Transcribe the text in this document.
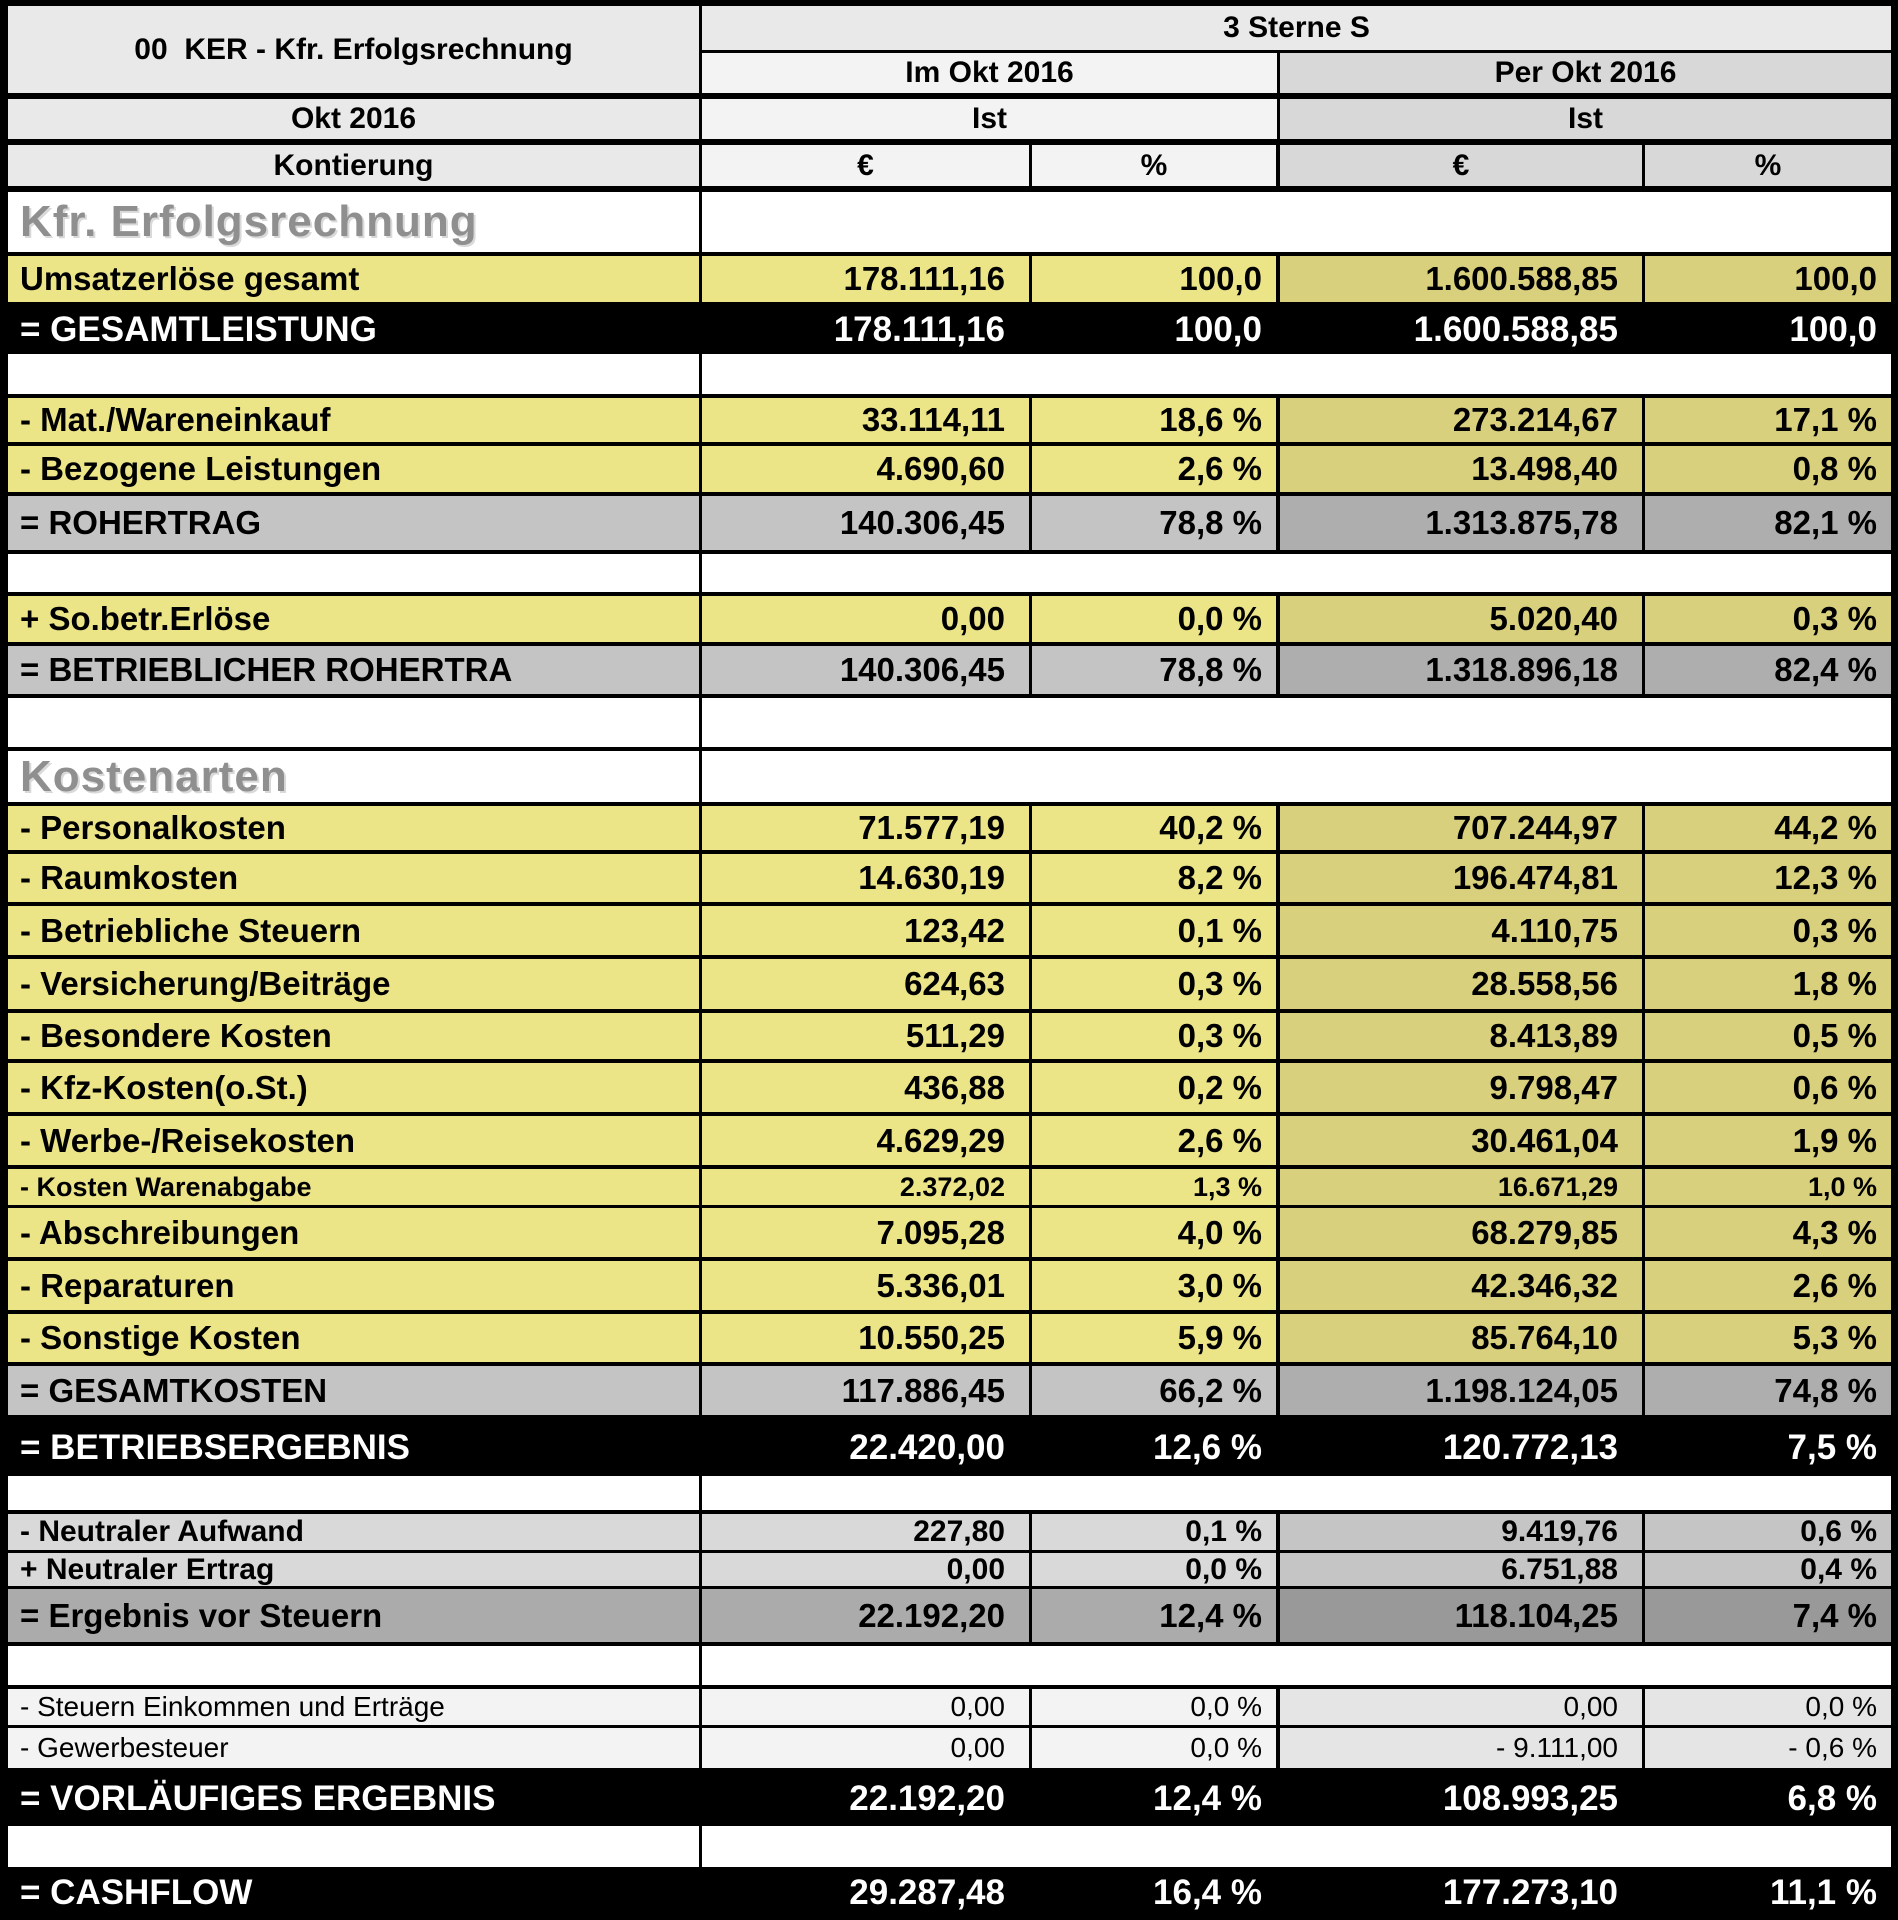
00  KER - Kfr. Erfolgsrechnung
3 Sterne S
Im Okt 2016	Per Okt 2016
Okt 2016	Ist	Ist
Kontierung	€	%	€	%
Kfr. Erfolgsrechnung
Umsatzerlöse gesamt	178.111,16	100,0	1.600.588,85	100,0
= GESAMTLEISTUNG	178.111,16	100,0	1.600.588,85	100,0
- Mat./Wareneinkauf	33.114,11	18,6 %	273.214,67	17,1 %
- Bezogene Leistungen	4.690,60	2,6 %	13.498,40	0,8 %
= ROHERTRAG	140.306,45	78,8 %	1.313.875,78	82,1 %
+ So.betr.Erlöse	0,00	0,0 %	5.020,40	0,3 %
= BETRIEBLICHER ROHERTRA	140.306,45	78,8 %	1.318.896,18	82,4 %
Kostenarten
- Personalkosten	71.577,19	40,2 %	707.244,97	44,2 %
- Raumkosten	14.630,19	8,2 %	196.474,81	12,3 %
- Betriebliche Steuern	123,42	0,1 %	4.110,75	0,3 %
- Versicherung/Beiträge	624,63	0,3 %	28.558,56	1,8 %
- Besondere Kosten	511,29	0,3 %	8.413,89	0,5 %
- Kfz-Kosten(o.St.)	436,88	0,2 %	9.798,47	0,6 %
- Werbe-/Reisekosten	4.629,29	2,6 %	30.461,04	1,9 %
- Kosten Warenabgabe	2.372,02	1,3 %	16.671,29	1,0 %
- Abschreibungen	7.095,28	4,0 %	68.279,85	4,3 %
- Reparaturen	5.336,01	3,0 %	42.346,32	2,6 %
- Sonstige Kosten	10.550,25	5,9 %	85.764,10	5,3 %
= GESAMTKOSTEN	117.886,45	66,2 %	1.198.124,05	74,8 %
= BETRIEBSERGEBNIS	22.420,00	12,6 %	120.772,13	7,5 %
- Neutraler Aufwand	227,80	0,1 %	9.419,76	0,6 %
+ Neutraler Ertrag	0,00	0,0 %	6.751,88	0,4 %
= Ergebnis vor Steuern	22.192,20	12,4 %	118.104,25	7,4 %
- Steuern Einkommen und Erträge	0,00	0,0 %	0,00	0,0 %
- Gewerbesteuer	0,00	0,0 %	- 9.111,00	- 0,6 %
= VORLÄUFIGES ERGEBNIS	22.192,20	12,4 %	108.993,25	6,8 %
= CASHFLOW	29.287,48	16,4 %	177.273,10	11,1 %
